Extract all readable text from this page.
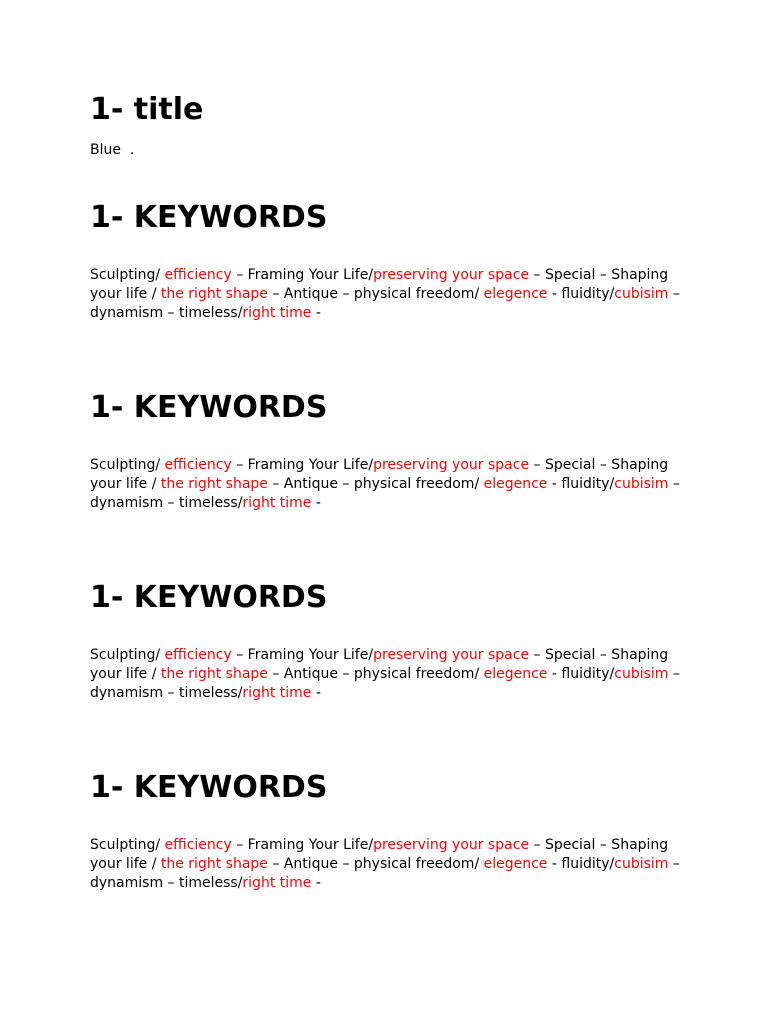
1- title

Blue  .

1- KEYWORDS

Sculpting/ efficiency – Framing Your Life/preserving your space – Special – Shaping
your life / the right shape – Antique – physical freedom/ elegence - fluidity/cubisim –
dynamism – timeless/right time -

1- KEYWORDS

Sculpting/ efficiency – Framing Your Life/preserving your space – Special – Shaping
your life / the right shape – Antique – physical freedom/ elegence - fluidity/cubisim –
dynamism – timeless/right time -

1- KEYWORDS

Sculpting/ efficiency – Framing Your Life/preserving your space – Special – Shaping
your life / the right shape – Antique – physical freedom/ elegence - fluidity/cubisim –
dynamism – timeless/right time -

1- KEYWORDS

Sculpting/ efficiency – Framing Your Life/preserving your space – Special – Shaping
your life / the right shape – Antique – physical freedom/ elegence - fluidity/cubisim –
dynamism – timeless/right time -
